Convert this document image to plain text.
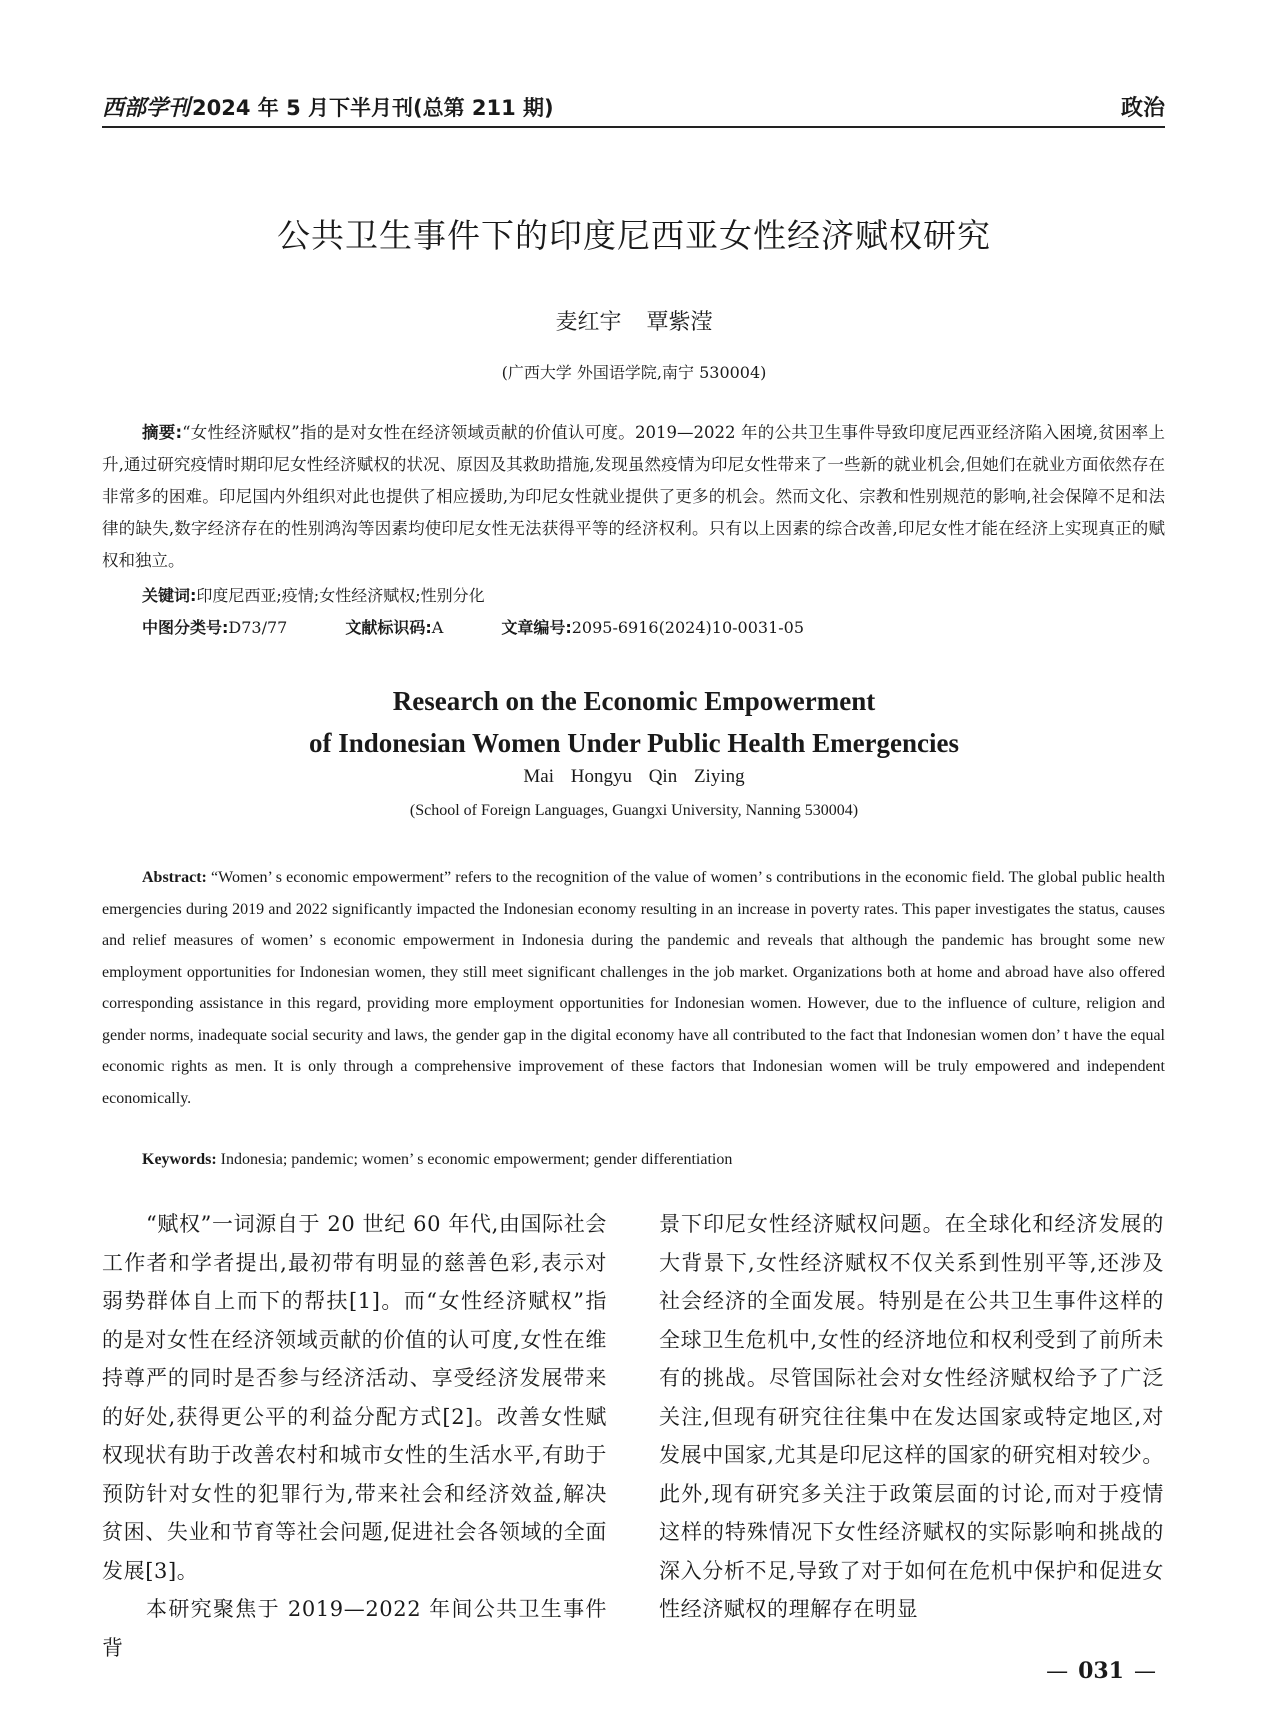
西部学刊2024 年 5 月下半月刊(总第 211 期)	政治
公共卫生事件下的印度尼西亚女性经济赋权研究
麦红宇 覃紫滢
(广西大学 外国语学院,南宁 530004)
摘要:“女性经济赋权”指的是对女性在经济领域贡献的价值认可度。2019—2022 年的公共卫生事件导致印度尼西亚经济陷入困境,贫困率上升,通过研究疫情时期印尼女性经济赋权的状况、原因及其救助措施,发现虽然疫情为印尼女性带来了一些新的就业机会,但她们在就业方面依然存在非常多的困难。印尼国内外组织对此也提供了相应援助,为印尼女性就业提供了更多的机会。然而文化、宗教和性别规范的影响,社会保障不足和法律的缺失,数字经济存在的性别鸿沟等因素均使印尼女性无法获得平等的经济权利。只有以上因素的综合改善,印尼女性才能在经济上实现真正的赋权和独立。
关键词:印度尼西亚;疫情;女性经济赋权;性别分化
中图分类号:D73/77	文献标识码:A	文章编号:2095-6916(2024)10-0031-05
Research on the Economic Empowerment
of Indonesian Women Under Public Health Emergencies
Mai Hongyu Qin Ziying
(School of Foreign Languages, Guangxi University, Nanning 530004)
Abstract: “Women’ s economic empowerment” refers to the recognition of the value of women’ s contributions in the economic field. The global public health emergencies during 2019 and 2022 significantly impacted the Indonesian economy resulting in an increase in poverty rates. This paper investigates the status, causes and relief measures of women’ s economic empowerment in Indonesia during the pandemic and reveals that although the pandemic has brought some new employment opportunities for Indonesian women, they still meet significant challenges in the job market. Organizations both at home and abroad have also offered corresponding assistance in this regard, providing more employment opportunities for Indonesian women. However, due to the influence of culture, religion and gender norms, inadequate social security and laws, the gender gap in the digital economy have all contributed to the fact that Indonesian women don’ t have the equal economic rights as men. It is only through a comprehensive improvement of these factors that Indonesian women will be truly empowered and independent economically.
Keywords: Indonesia; pandemic; women’ s economic empowerment; gender differentiation

“赋权”一词源自于 20 世纪 60 年代,由国际社会工作者和学者提出,最初带有明显的慈善色彩,表示对弱势群体自上而下的帮扶[1]。而“女性经济赋权”指的是对女性在经济领域贡献的价值的认可度,女性在维持尊严的同时是否参与经济活动、享受经济发展带来的好处,获得更公平的利益分配方式[2]。改善女性赋权现状有助于改善农村和城市女性的生活水平,有助于预防针对女性的犯罪行为,带来社会和经济效益,解决贫困、失业和节育等社会问题,促进社会各领域的全面发展[3]。

本研究聚焦于 2019—2022 年间公共卫生事件背

景下印尼女性经济赋权问题。在全球化和经济发展的大背景下,女性经济赋权不仅关系到性别平等,还涉及社会经济的全面发展。特别是在公共卫生事件这样的全球卫生危机中,女性的经济地位和权利受到了前所未有的挑战。尽管国际社会对女性经济赋权给予了广泛关注,但现有研究往往集中在发达国家或特定地区,对发展中国家,尤其是印尼这样的国家的研究相对较少。此外,现有研究多关注于政策层面的讨论,而对于疫情这样的特殊情况下女性经济赋权的实际影响和挑战的深入分析不足,导致了对于如何在危机中保护和促进女性经济赋权的理解存在明显

— 031 —
